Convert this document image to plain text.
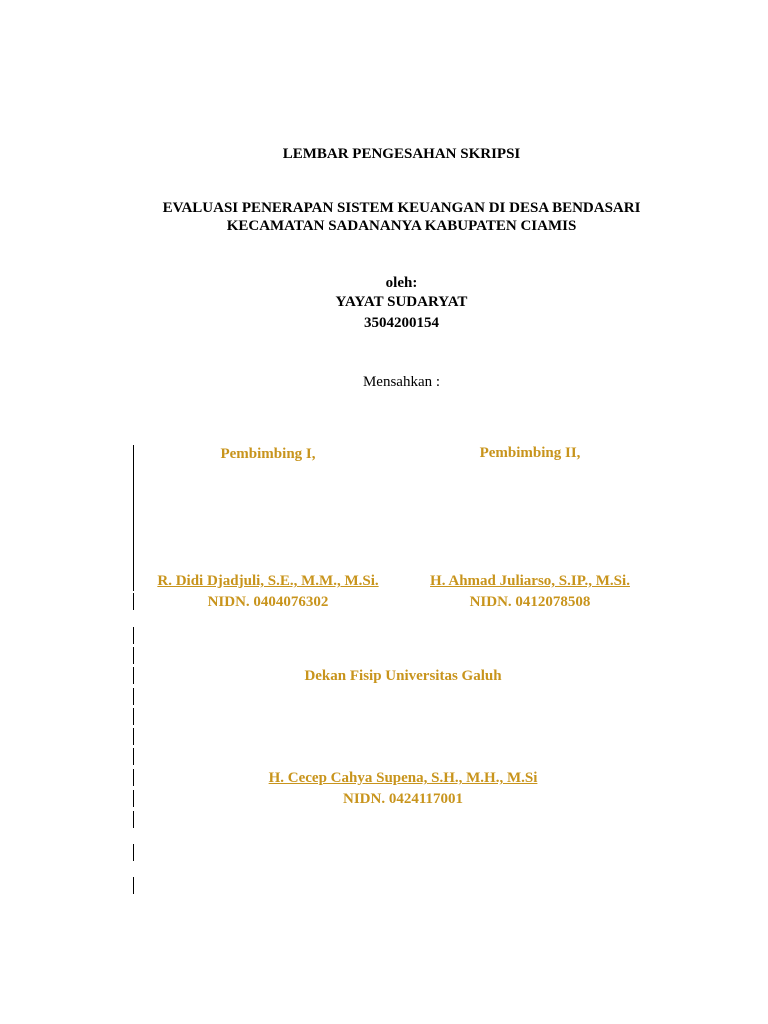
LEMBAR PENGESAHAN SKRIPSI
EVALUASI PENERAPAN SISTEM KEUANGAN DI DESA BENDASARI
KECAMATAN SADANANYA KABUPATEN CIAMIS
oleh:
YAYAT SUDARYAT
3504200154
Mensahkan :
Pembimbing I,
R. Didi Djadjuli, S.E., M.M., M.Si.
NIDN. 0404076302
Pembimbing II,
H. Ahmad Juliarso, S.IP., M.Si.
NIDN. 0412078508
Dekan Fisip Universitas Galuh
H. Cecep Cahya Supena, S.H., M.H., M.Si
NIDN. 0424117001
